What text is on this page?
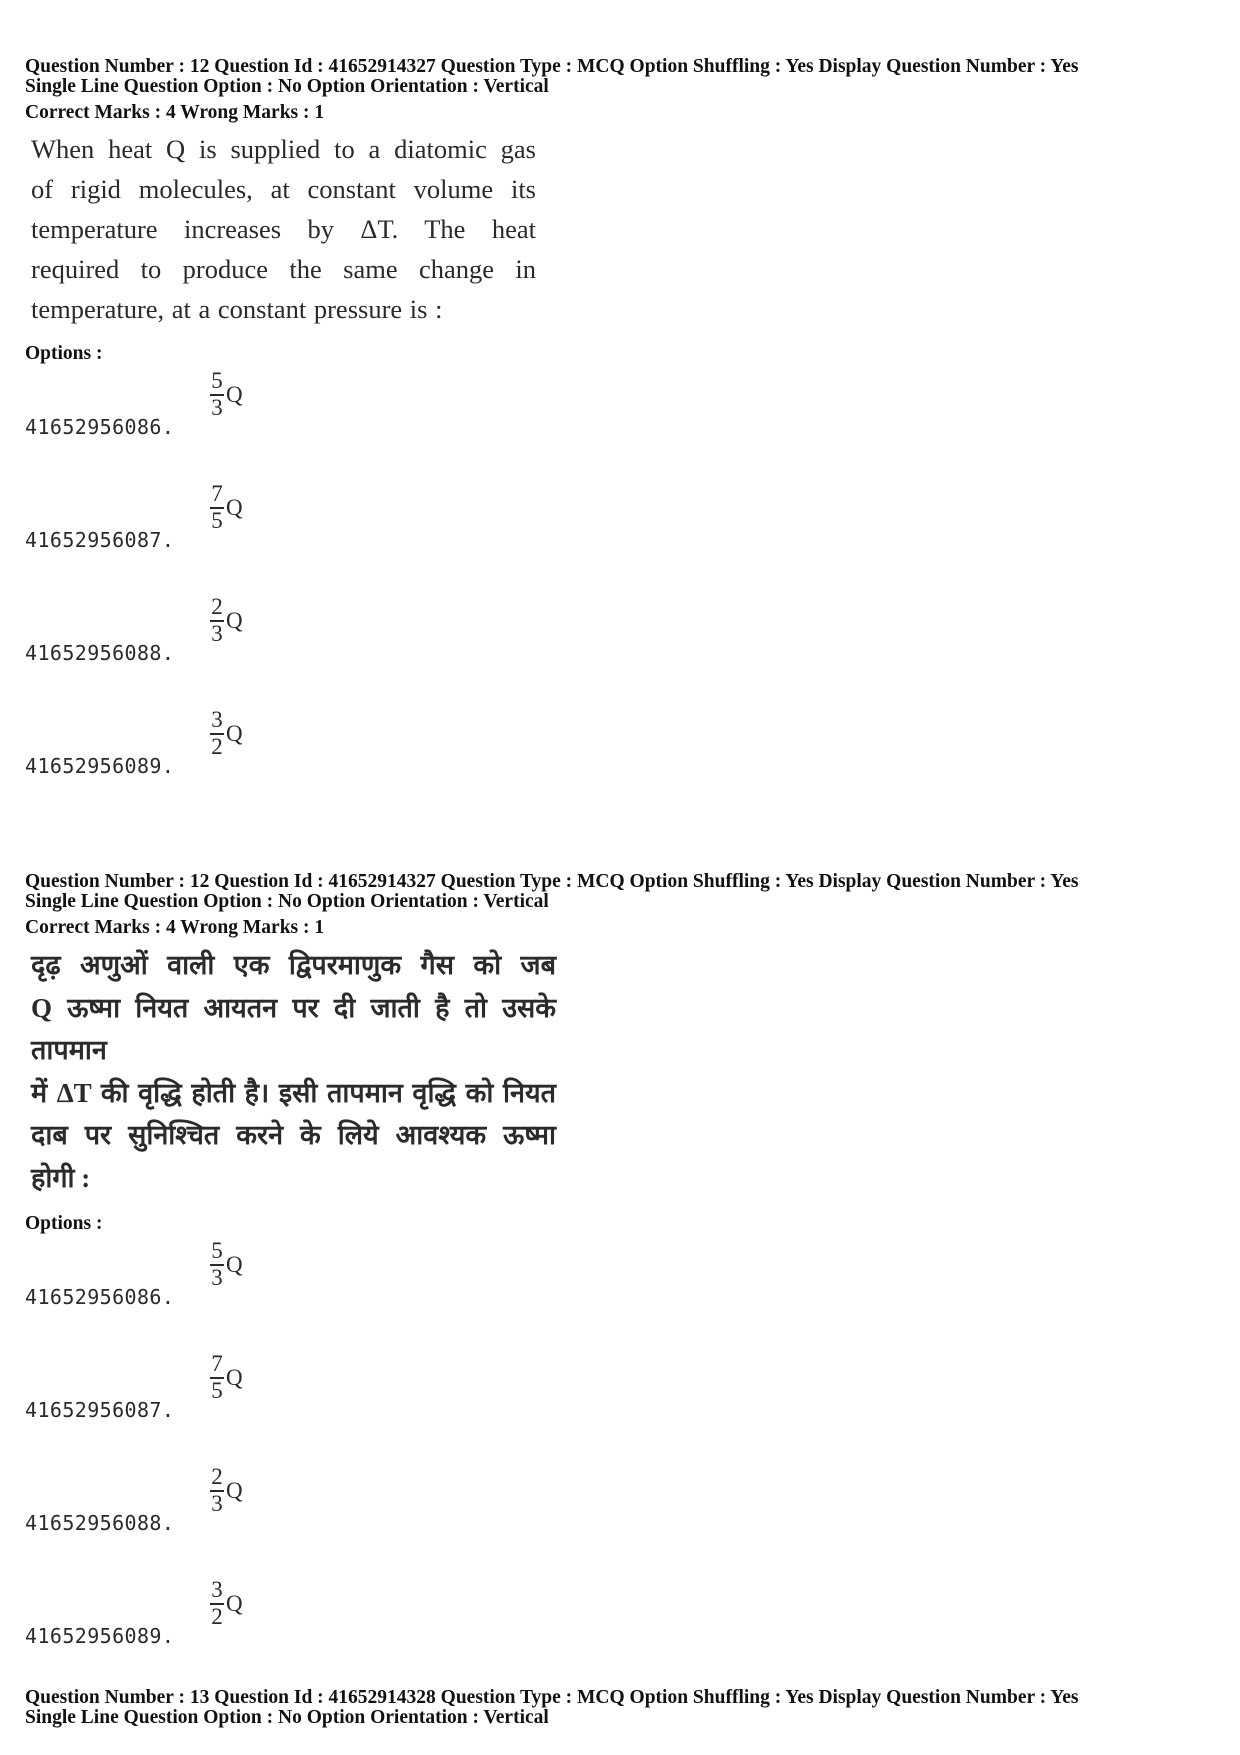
Question Number : 12 Question Id : 41652914327 Question Type : MCQ Option Shuffling : Yes Display Question Number : Yes
Single Line Question Option : No Option Orientation : Vertical
Correct Marks : 4 Wrong Marks : 1
When heat Q is supplied to a diatomic gas
of rigid molecules, at constant volume its
temperature increases by ΔT. The heat
required to produce the same change in
temperature, at a constant pressure is :
Options :
41652956086.
5
3
Q
41652956087.
7
5
Q
41652956088.
2
3
Q
41652956089.
3
2
Q
Question Number : 12 Question Id : 41652914327 Question Type : MCQ Option Shuffling : Yes Display Question Number : Yes
Single Line Question Option : No Option Orientation : Vertical
Correct Marks : 4 Wrong Marks : 1
दृढ़ अणुओं वाली एक द्विपरमाणुक गैस को जब
Q ऊष्मा नियत आयतन पर दी जाती है तो उसके तापमान
में ΔT की वृद्धि होती है। इसी तापमान वृद्धि को नियत
दाब पर सुनिश्चित करने के लिये आवश्यक ऊष्मा
होगी :
Options :
41652956086.
5
3
Q
41652956087.
7
5
Q
41652956088.
2
3
Q
41652956089.
3
2
Q
Question Number : 13 Question Id : 41652914328 Question Type : MCQ Option Shuffling : Yes Display Question Number : Yes
Single Line Question Option : No Option Orientation : Vertical
